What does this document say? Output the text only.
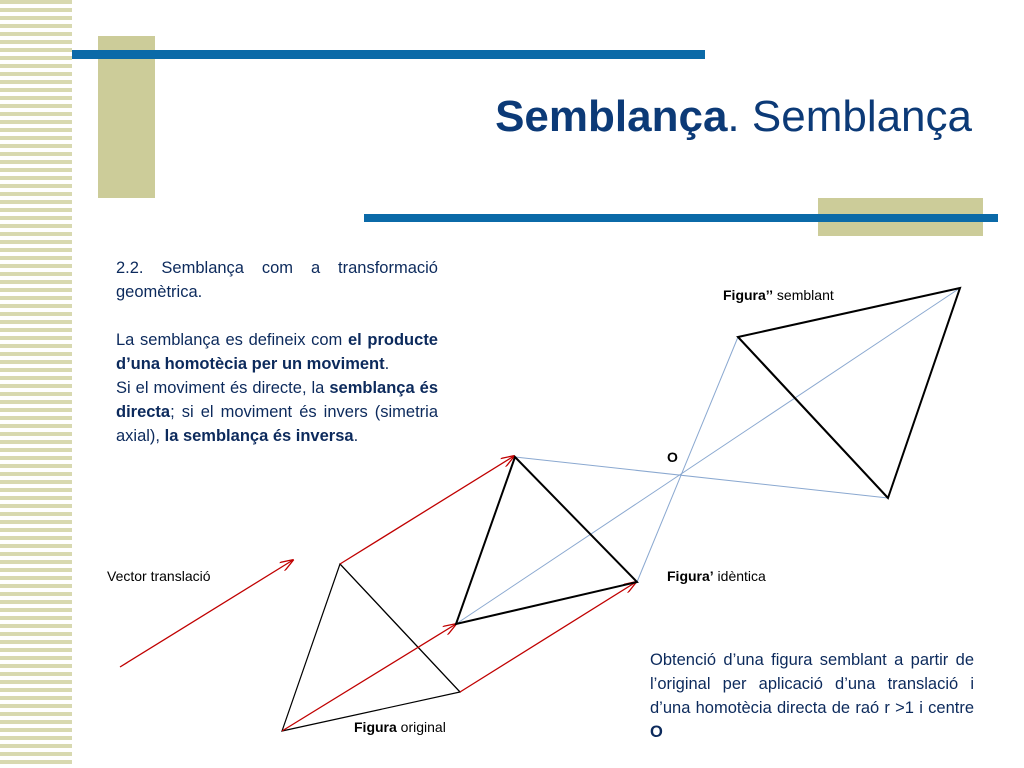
Semblança. Semblança

2.2. Semblança com a transformació geomètrica.

La semblança es defineix com el producte d’una homotècia per un moviment.

Si el moviment és directe, la semblança és directa; si el moviment és invers (simetria axial), la semblança és inversa.

Figura’’ semblant
O
Figura’ idèntica
Figura original
Vector translació
Obtenció d’una figura semblant a partir de l’original per aplicació d’una translació i d’una homotècia directa de raó r >1 i centre O
